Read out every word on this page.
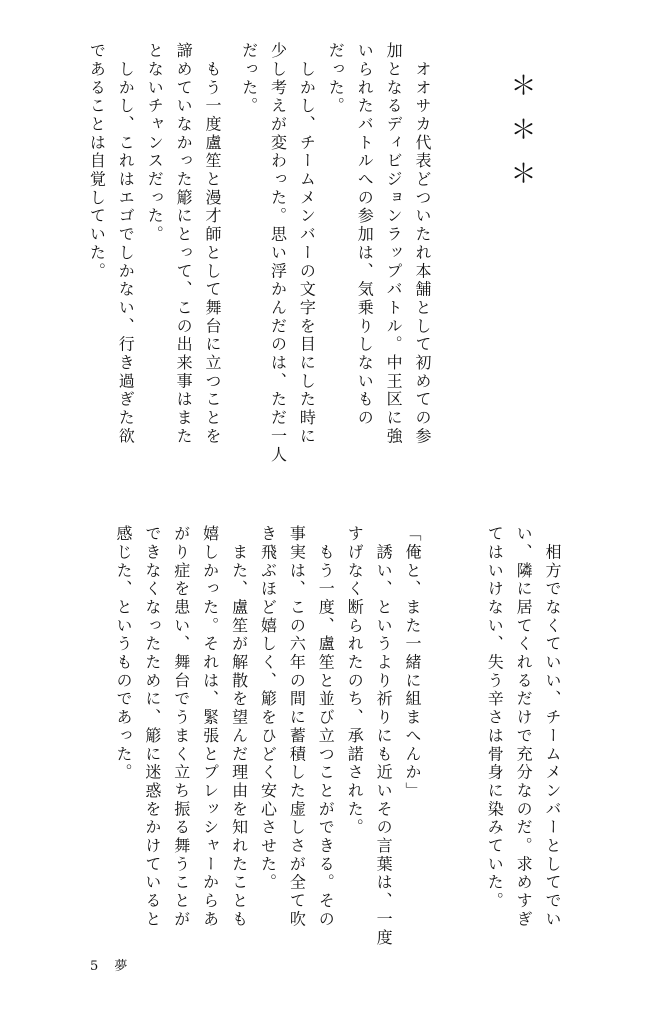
＊＊＊
　オオサカ代表どついたれ本舗として初めての参
加となるディビジョンラップバトル。中王区に強
いられたバトルへの参加は、気乗りしないもの
だった。
　しかし、チームメンバーの文字を目にした時に
少し考えが変わった。思い浮かんだのは、ただ一人
だった。
　もう一度盧笙と漫才師として舞台に立つことを
諦めていなかった簓にとって、この出来事はまた
とないチャンスだった。
　しかし、これはエゴでしかない、行き過ぎた欲
であることは自覚していた。
　相方でなくていい、チームメンバーとしてでい
い、隣に居てくれるだけで充分なのだ。求めすぎ
てはいけない、失う辛さは骨身に染みていた。
「俺と、また一緒に組まへんか」
　誘い、というより祈りにも近いその言葉は、一度
すげなく断られたのち、承諾された。
　もう一度、盧笙と並び立つことができる。その
事実は、この六年の間に蓄積した虚しさが全て吹
き飛ぶほど嬉しく、簓をひどく安心させた。
　また、盧笙が解散を望んだ理由を知れたことも
嬉しかった。それは、緊張とプレッシャーからあ
がり症を患い、舞台でうまく立ち振る舞うことが
できなくなったために、簓に迷惑をかけていると
感じた、というものであった。
5 夢
